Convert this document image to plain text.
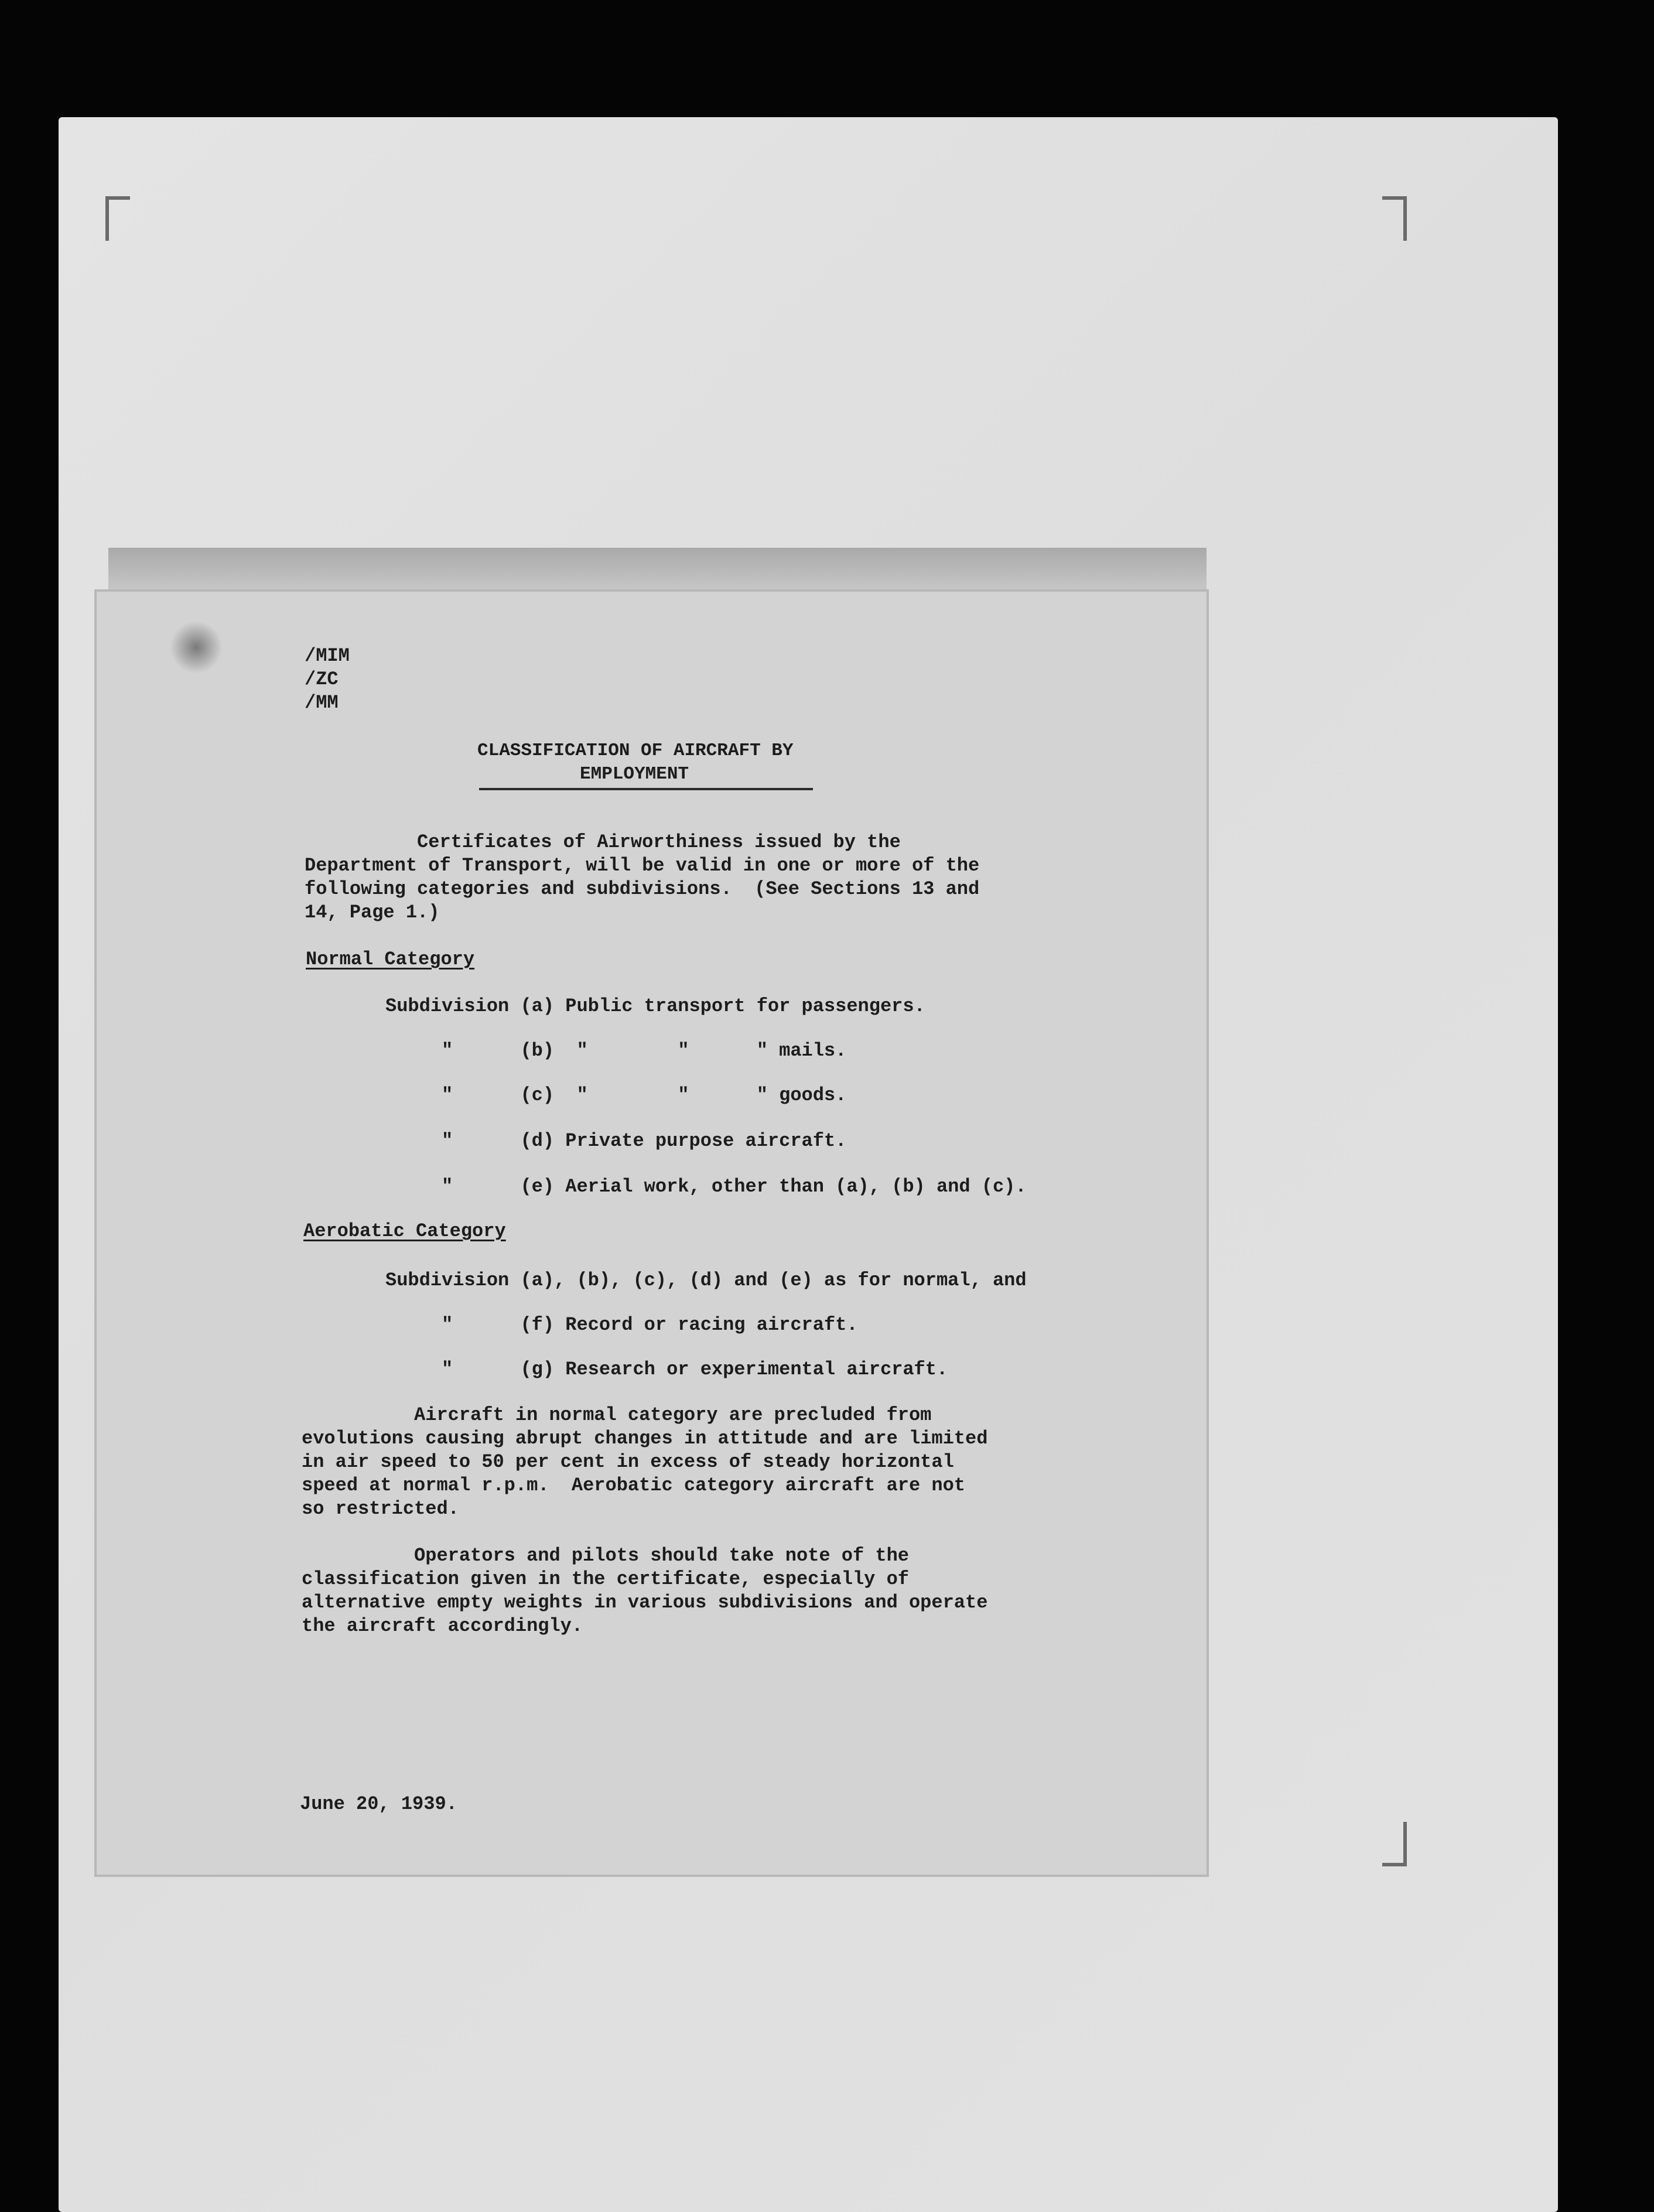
/MIM

/ZC

/MM

CLASSIFICATION OF AIRCRAFT BY

EMPLOYMENT

Certificates of Airworthiness issued by the

Department of Transport, will be valid in one or more of the

following categories and subdivisions.  (See Sections 13 and

14, Page 1.)

Normal Category

Subdivision (a) Public transport for passengers.

"      (b)  "        "      " mails.

"      (c)  "        "      " goods.

"      (d) Private purpose aircraft.

"      (e) Aerial work, other than (a), (b) and (c).

Aerobatic Category

Subdivision (a), (b), (c), (d) and (e) as for normal, and

"      (f) Record or racing aircraft.

"      (g) Research or experimental aircraft.

Aircraft in normal category are precluded from

evolutions causing abrupt changes in attitude and are limited

in air speed to 50 per cent in excess of steady horizontal

speed at normal r.p.m.  Aerobatic category aircraft are not

so restricted.

Operators and pilots should take note of the

classification given in the certificate, especially of

alternative empty weights in various subdivisions and operate

the aircraft accordingly.

June 20, 1939.
